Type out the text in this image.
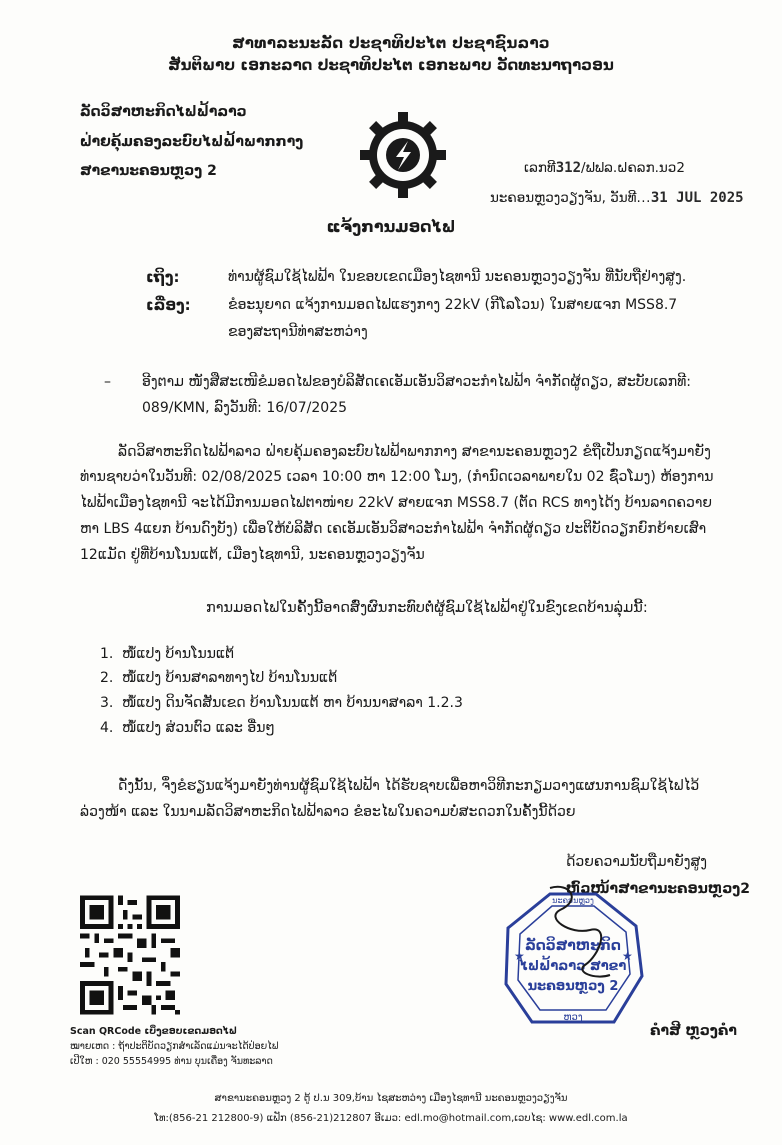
ສາທາລະນະລັດ ປະຊາທິປະໄຕ ປະຊາຊົນລາວ
ສັນຕິພາບ ເອກະລາດ ປະຊາທິປະໄຕ ເອກະພາບ ວັດທະນາຖາວອນ
ລັດວິສາຫະກິດໄຟຟ້າລາວ
ຝ່າຍຄຸ້ມຄອງລະບົບໄຟຟ້າພາກກາງ
ສາຂານະຄອນຫຼວງ 2	ເລກທີ312/ຟຟລ.ຝຄລກ.ນວ2
ນະຄອນຫຼວງວຽງຈັນ, ວັນທີ...31 JUL 2025
ແຈ້ງການມອດໄຟ
ເຖິງ:	ທ່ານຜູ້ຊົມໃຊ້ໄຟຟ້າ ໃນຂອບເຂດເມືອງໄຊທານີ ນະຄອນຫຼວງວຽງຈັນ ທີ່ນັບຖືຢ່າງສູງ.
ເລື່ອງ:	ຂໍອະນຸຍາດ ແຈ້ງການມອດໄຟແຮງກາງ 22kV (ກີໂລໂວນ) ໃນສາຍແຈກ MSS8.7
ຂອງສະຖານີທ່າສະຫວ່າງ
– ອີງຕາມ ໜັງສືສະເໜີຂໍມອດໄຟຂອງບໍລິສັດເຄເອັມເອັນວິສາວະກຳໄຟຟ້າ ຈຳກັດຜູ້ດຽວ, ສະບັບເລກທີ:
089/KMN, ລົງວັນທີ: 16/07/2025
ລັດວິສາຫະກິດໄຟຟ້າລາວ ຝ່າຍຄຸ້ມຄອງລະບົບໄຟຟ້າພາກກາງ ສາຂານະຄອນຫຼວງ2 ຂໍຖືເປັນກຽດແຈ້ງມາຍັງ
ທ່ານຊາບວ່າໃນວັນທີ: 02/08/2025 ເວລາ 10:00 ຫາ 12:00 ໂມງ, (ກຳນົດເວລາພາຍໃນ 02 ຊົ່ວໂມງ) ຫ້ອງການ
ໄຟຟ້າເມືອງໄຊທານີ ຈະໄດ້ມີການມອດໄຟຕາໜ່າຍ 22kV ສາຍແຈກ MSS8.7 (ຕັດ RCS ທາງໄດ້ງ ບ້ານລາດຄວາຍ
ຫາ LBS 4ແຍກ ບ້ານດົງບັງ) ເພື່ອໃຫ້ບໍລິສັດ ເຄເອັມເອັນວິສາວະກຳໄຟຟ້າ ຈຳກັດຜູ້ດຽວ ປະຕິບັດວຽກຍົກຍ້າຍເສົາ
12ແມັດ ຢູ່ທີ່ບ້ານໂນນແຕ້, ເມືອງໄຊທານີ, ນະຄອນຫຼວງວຽງຈັນ
ການມອດໄຟໃນຄັ້ງນີ້ອາດສົ່ງຜົນກະທົບຕໍ່ຜູ້ຊົມໃຊ້ໄຟຟ້າຢູ່ໃນຂົງເຂດບ້ານລຸ່ມນີ້:
1. ໜໍ້ແປງ ບ້ານໂນນແຕ້
2. ໜໍ້ແປງ ບ້ານສາລາທາງໄປ ບ້ານໂນນແຕ້
3. ໜໍ້ແປງ ດິນຈັດສັນເຂດ ບ້ານໂນນແຕ້ ຫາ ບ້ານນາສາລາ 1.2.3
4. ໜໍ້ແປງ ສ່ວນຕົວ ແລະ ອື່ນໆ
ດັ່ງນັ້ນ, ຈຶ່ງຂໍຮຽນແຈ້ງມາຍັງທ່ານຜູ້ຊົມໃຊ້ໄຟຟ້າ ໄດ້ຮັບຊາບເພື່ອຫາວິທີກະກຽມວາງແຜນການຊົມໃຊ້ໄຟໄວ້
ລ່ວງໜ້າ ແລະ ໃນນາມລັດວິສາຫະກິດໄຟຟ້າລາວ ຂໍອະໄພໃນຄວາມບໍ່ສະດວກໃນຄັ້ງນີ້ດ້ວຍ
ດ້ວຍຄວາມນັບຖືມາຍັງສູງ
ຫົວໜ້າສາຂານະຄອນຫຼວງ2
ນະຄອນຫຼວງ
ລັດວິສາຫະກິດ
ໄຟຟ້າລາວ ສາຂາ
ນະຄອນຫຼວງ 2
ຫຼວງ
★	★
ຄຳສີ ຫຼວງຄຳ
Scan QRCode ເບິ່ງຂອບເຂດມອດໄຟ
ໝາຍເຫດ : ຖ້າປະຕິບັດວຽກສຳເລັດແມ່ນຈະໄດ້ປ່ອຍໄຟ
ເປີໃຫ : 020 55554995 ທ່ານ ບຸນເຄື່ອງ ຈັນທະລາດ
ສາຂານະຄອນຫຼວງ 2 ຕູ້ ປ.ນ 309,ບ້ານ ໄຊສະຫວ່າງ ເມືອງໄຊທານີ ນະຄອນຫຼວງວຽງຈັນ
ໂທ:(856-21 212800-9) ແຟັກ (856-21)212807 ອີເມວ: edl.mo@hotmail.com,ເວບໄຊ: www.edl.com.la
